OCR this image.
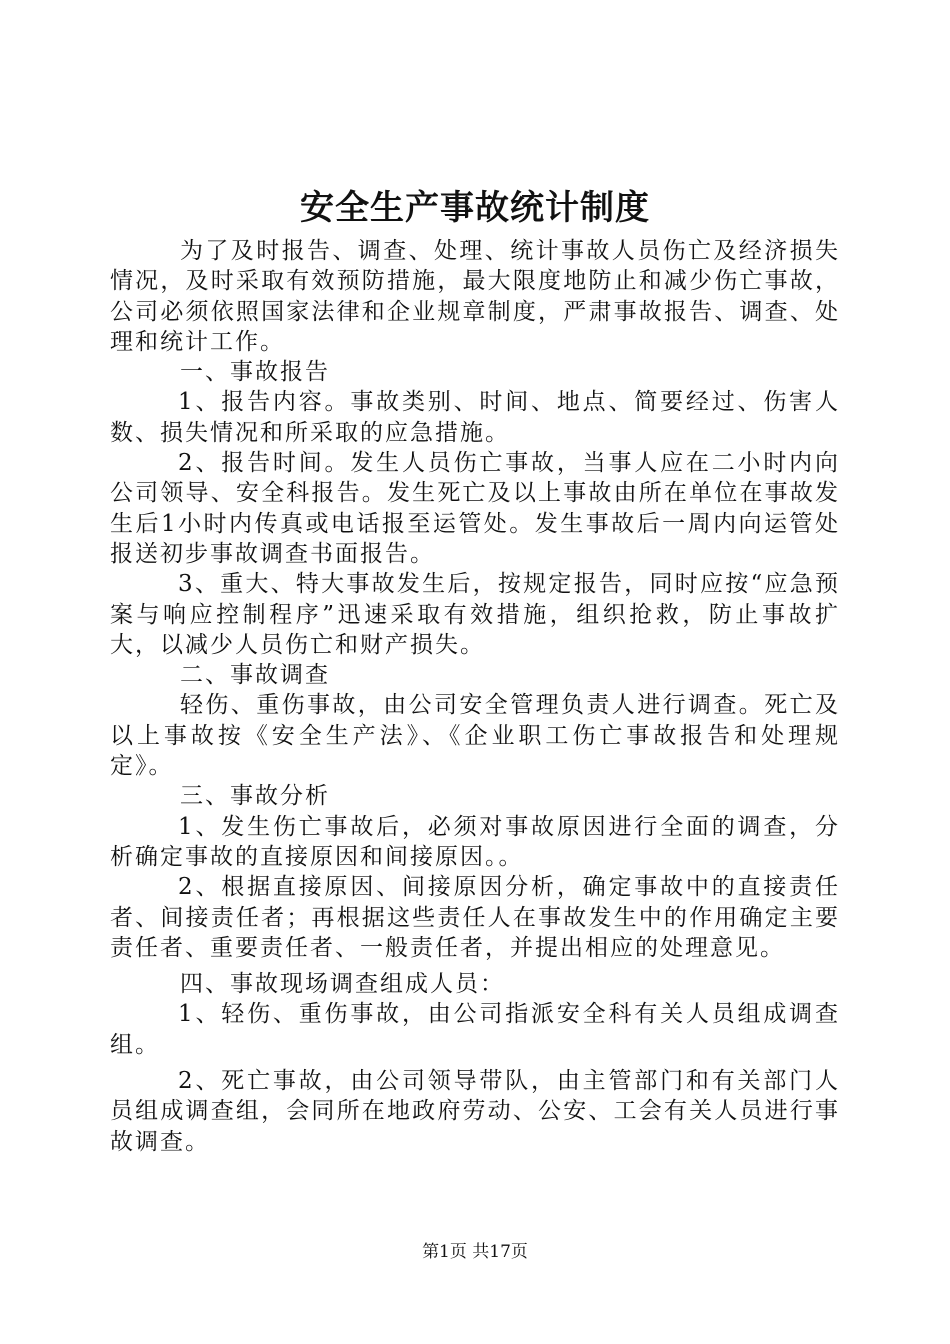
安全生产事故统计制度

为了及时报告、调查、处理、统计事故人员伤亡及经济损失情况，及时采取有效预防措施，最大限度地防止和减少伤亡事故，公司必须依照国家法律和企业规章制度，严肃事故报告、调查、处理和统计工作。

一、事故报告

1、报告内容。事故类别、时间、地点、简要经过、伤害人数、损失情况和所采取的应急措施。

2、报告时间。发生人员伤亡事故，当事人应在二小时内向公司领导、安全科报告。发生死亡及以上事故由所在单位在事故发生后1小时内传真或电话报至运管处。发生事故后一周内向运管处报送初步事故调查书面报告。

3、重大、特大事故发生后，按规定报告，同时应按“应急预案与响应控制程序”迅速采取有效措施，组织抢救，防止事故扩大，以减少人员伤亡和财产损失。

二、事故调查

轻伤、重伤事故，由公司安全管理负责人进行调查。死亡及以上事故按《安全生产法》、《企业职工伤亡事故报告和处理规定》。

三、事故分析

1、发生伤亡事故后，必须对事故原因进行全面的调查，分析确定事故的直接原因和间接原因。。

2、根据直接原因、间接原因分析，确定事故中的直接责任者、间接责任者；再根据这些责任人在事故发生中的作用确定主要责任者、重要责任者、一般责任者，并提出相应的处理意见。

四、事故现场调查组成人员：

1、轻伤、重伤事故，由公司指派安全科有关人员组成调查组。

2、死亡事故，由公司领导带队，由主管部门和有关部门人员组成调查组，会同所在地政府劳动、公安、工会有关人员进行事故调查。

第1页 共17页
